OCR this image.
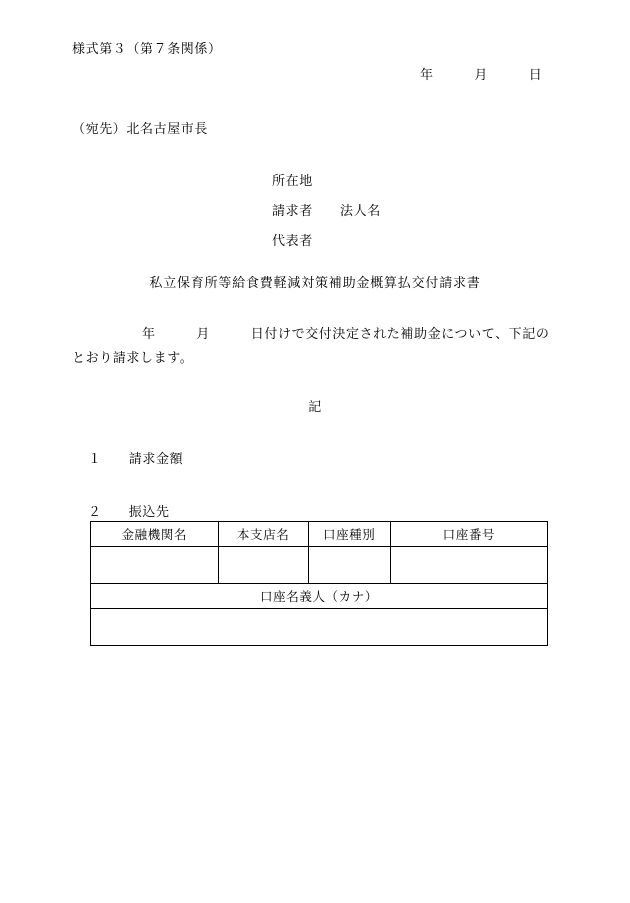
様式第３（第７条関係）
年　　　月　　　日
（宛先）北名古屋市長
所在地
請求者　　法人名
代表者
私立保育所等給食費軽減対策補助金概算払交付請求書
年　　　月　　　日付けで交付決定された補助金について、下記のとおり請求します。
記
１　　請求金額
２　　振込先
金融機関名	本支店名	口座種別	口座番号

口座名義人（カナ）			
